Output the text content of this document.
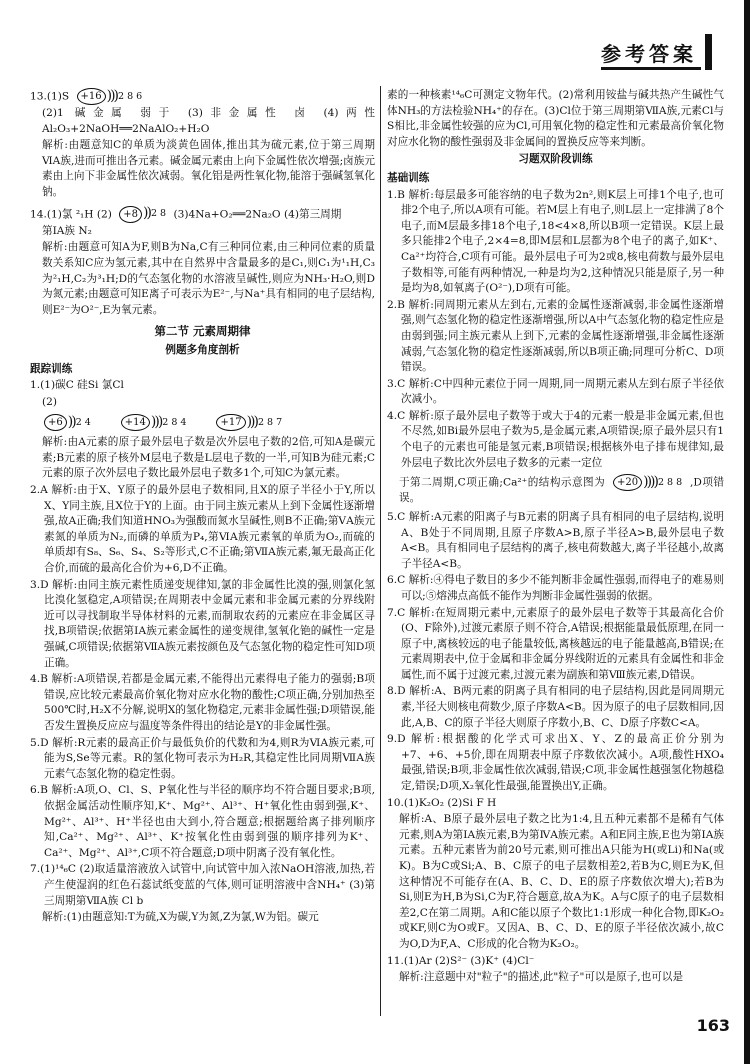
参考答案

13.(1)S	+16 ))) 2 8 6

(2)1 碱金属 弱于 (3)非金属性 卤 (4)两性 Al₂O₃+2NaOH══2NaAlO₂+H₂O

解析:由题意知C的单质为淡黄色固体,推出其为硫元素,位于第三周期ⅥA族,进而可推出各元素。碱金属元素由上向下金属性依次增强;卤族元素由上向下非金属性依次减弱。氧化铝是两性氧化物,能溶于强碱氢氧化钠。

14.(1)氯 ²₁H (2)	+8 )) 2 8 (3)4Na+O₂══2Na₂O (4)第三周期

第ⅠA族 N₂

解析:由题意可知A为F,则B为Na,C有三种同位素,由三种同位素的质量数关系知C应为氢元素,其中在自然界中含量最多的是C₁,则C₁为¹₁H,C₃为²₁H,C₂为³₁H;D的气态氢化物的水溶液呈碱性,则应为NH₃·H₂O,则D为氮元素;由题意可知E离子可表示为E²⁻,与Na⁺具有相同的电子层结构,则E²⁻为O²⁻,E为氧元素。

第二节 元素周期律
例题多角度剖析

跟踪训练

1.(1)碳C 硅Si 氯Cl

(2)

+6 )) 2 4	+14 ))) 2 8 4	+17 ))) 2 8 7

解析:由A元素的原子最外层电子数是次外层电子数的2倍,可知A是碳元素;B元素的原子核外M层电子数是L层电子数的一半,可知B为硅元素;C元素的原子次外层电子数比最外层电子数多1个,可知C为氯元素。

2.A 解析:由于X、Y原子的最外层电子数相同,且X的原子半径小于Y,所以X、Y同主族,且X位于Y的上面。由于同主族元素从上到下金属性逐渐增强,故A正确;我们知道HNO₃为强酸而氮水呈碱性,则B不正确;第ⅤA族元素氮的单质为N₂,而磷的单质为P₄,第ⅥA族元素氧的单质为O₂,而硫的单质却有S₈、S₆、S₄、S₂等形式,C不正确;第ⅦA族元素,氟无最高正化合价,而硫的最高化合价为+6,D不正确。

3.D 解析:由同主族元素性质递变规律知,氯的非金属性比溴的强,则氯化氢比溴化氢稳定,A项错误;在周期表中金属元素和非金属元素的分界线附近可以寻找制取半导体材料的元素,而制取农药的元素应在非金属区寻找,B项错误;依据第ⅠA族元素金属性的递变规律,氢氧化铯的碱性一定是强碱,C项错误;依据第ⅦA族元素按颜色及气态氢化物的稳定性可知D项正确。

4.B 解析:A项错误,若都是金属元素,不能得出元素得电子能力的强弱;B项错误,应比较元素最高价氧化物对应水化物的酸性;C项正确,分别加热至500℃时,H₂X不分解,说明X的氢化物稳定,元素非金属性强;D项错误,能否发生置换反应应与温度等条件得出的结论是Y的非金属性强。

5.D 解析:R元素的最高正价与最低负价的代数和为4,则R为ⅥA族元素,可能为S,Se等元素。R的氢化物可表示为H₂R,其稳定性比同周期ⅦA族元素气态氢化物的稳定性弱。

6.B 解析:A项,O、Cl、S、P氧化性与半径的顺序均不符合题目要求;B项,依据金属活动性顺序知,K⁺、Mg²⁺、Al³⁺、H⁺氧化性由弱到强,K⁺、Mg²⁺、Al³⁺、H⁺半径也由大到小,符合题意;根据题给离子排列顺序知,Ca²⁺、Mg²⁺、Al³⁺、K⁺按氧化性由弱到强的顺序排列为K⁺、Ca²⁺、Mg²⁺、Al³⁺,C项不符合题意;D项中阴离子没有氧化性。

7.(1)¹⁴₆C (2)取适量溶液放入试管中,向试管中加入浓NaOH溶液,加热,若产生使湿润的红色石蕊试纸变蓝的气体,则可证明溶液中含NH₄⁺ (3)第三周期第ⅦA族 Cl b

解析:(1)由题意知:T为硫,X为碳,Y为氮,Z为氯,W为铝。碳元

素的一种核素¹⁴₆C可测定文物年代。(2)常利用铵盐与碱共热产生碱性气体NH₃的方法检验NH₄⁺的存在。(3)Cl位于第三周期第ⅦA族,元素Cl与S相比,非金属性较强的应为Cl,可用氧化物的稳定性和元素最高价氧化物对应水化物的酸性强弱及非金属间的置换反应等来判断。

习题双阶段训练

基础训练

1.B 解析:每层最多可能容纳的电子数为2n²,则K层上可排1个电子,也可排2个电子,所以A项有可能。若M层上有电子,则L层上一定排满了8个电子,而M层最多排18个电子,18<4×8,所以B项一定错误。K层上最多只能排2个电子,2×4=8,即M层和L层都为8个电子的离子,如K⁺、Ca²⁺均符合,C项有可能。最外层电子可为2或8,核电荷数与最外层电子数相等,可能有两种情况,一种是均为2,这种情况只能是原子,另一种是均为8,如氧离子(O²⁻),D项有可能。

2.B 解析:同周期元素从左到右,元素的金属性逐渐减弱,非金属性逐渐增强,则气态氢化物的稳定性逐渐增强,所以A中气态氢化物的稳定性应是由弱到强;同主族元素从上到下,元素的金属性逐渐增强,非金属性逐渐减弱,气态氢化物的稳定性逐渐减弱,所以B项正确;同理可分析C、D项错误。

3.C 解析:C中四种元素位于同一周期,同一周期元素从左到右原子半径依次减小。

4.C 解析:原子最外层电子数等于或大于4的元素一般是非金属元素,但也不尽然,如Bi最外层电子数为5,是金属元素,A项错误;原子最外层只有1个电子的元素也可能是氢元素,B项错误;根据核外电子排布规律知,最外层电子数比次外层电子数多的元素一定位

于第二周期,C项正确;Ca²⁺的结构示意图为	+20 )))) 2 8 8 ,D项错误。

5.C 解析:A元素的阳离子与B元素的阴离子具有相同的电子层结构,说明A、B处于不同周期,且原子序数A>B,原子半径A>B,最外层电子数A<B。具有相同电子层结构的离子,核电荷数越大,离子半径越小,故离子半径A<B。

6.C 解析:④得电子数目的多少不能判断非金属性强弱,而得电子的难易则可以;⑤熔沸点高低不能作为判断非金属性强弱的依据。

7.C 解析:在短周期元素中,元素原子的最外层电子数等于其最高化合价(O、F除外),过渡元素原子则不符合,A错误;根据能量最低原理,在同一原子中,离核较远的电子能量较低,离核越远的电子能量越高,B错误;在元素周期表中,位于金属和非金属分界线附近的元素具有金属性和非金属性,而不属于过渡元素,过渡元素为副族和第Ⅷ族元素,D错误。

8.D 解析:A、B两元素的阴离子具有相同的电子层结构,因此是同周期元素,半径大则核电荷数少,原子序数A<B。因为原子的电子层数相同,因此,A,B、C的原子半径大则原子序数小,B、C、D原子序数C<A。

9.D 解析:根据酸的化学式可求出X、Y、Z的最高正价分别为+7、+6、+5价,即在周期表中原子序数依次减小。A项,酸性HXO₄最强,错误;B项,非金属性依次减弱,错误;C项,非金属性越强氢化物越稳定,错误;D项,X₂氧化性最强,能置换出Y,正确。

10.(1)K₂O₂ (2)Si F H

解析:A、B原子最外层电子数之比为1:4,且五种元素都不是稀有气体元素,则A为第ⅠA族元素,B为第ⅣA族元素。A和E同主族,E也为第ⅠA族元素。五种元素皆为前20号元素,则可推出A只能为H(或Li)和Na(或K)。B为C或Si;A、B、C原子的电子层数相差2,若B为C,则E为K,但这种情况不可能存在(A、B、C、D、E的原子序数依次增大);若B为Si,则E为H,B为Si,C为F,符合题意,故A为K。A与C原子的电子层数相差2,C在第二周期。A和C能以原子个数比1:1形成一种化合物,即K₂O₂或KF,则C为O或F。又因A、B、C、D、E的原子半径依次减小,故C为O,D为F,A、C形成的化合物为K₂O₂。

11.(1)Ar (2)S²⁻ (3)K⁺ (4)Cl⁻

解析:注意题中对"粒子"的描述,此"粒子"可以是原子,也可以是

163
